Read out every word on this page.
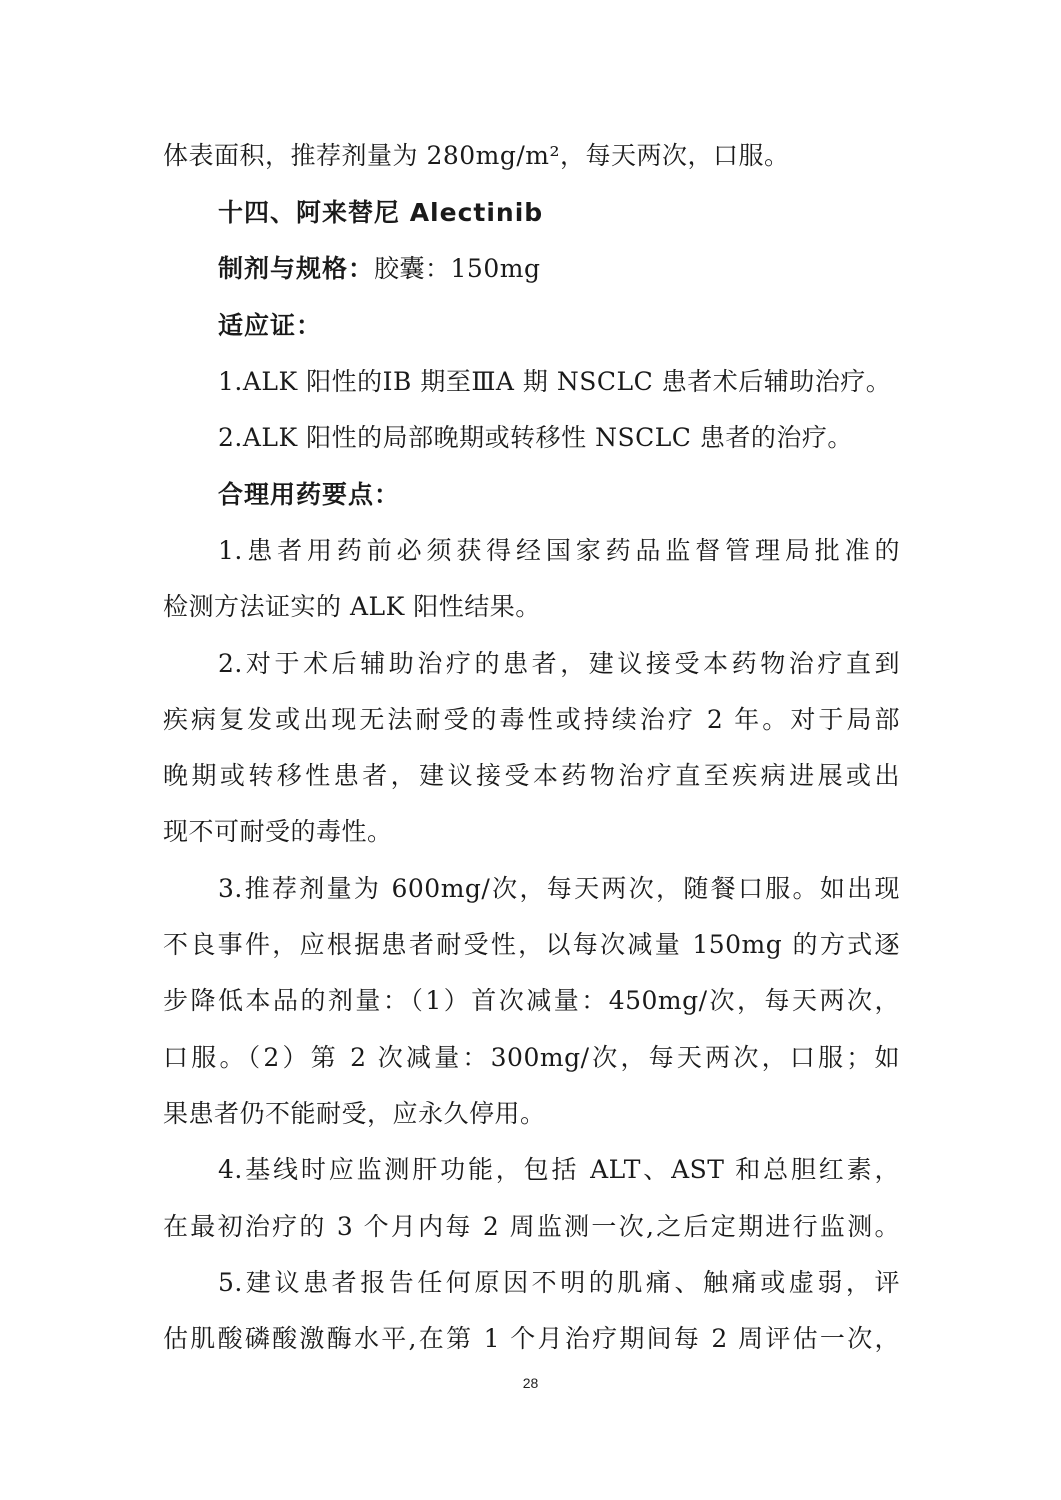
体表面积，推荐剂量为 280mg/m²，每天两次，口服。
十四、阿来替尼 Alectinib
制剂与规格：胶囊：150mg
适应证：
1.ALK 阳性的ⅠB 期至ⅢA 期 NSCLC 患者术后辅助治疗。
2.ALK 阳性的局部晚期或转移性 NSCLC 患者的治疗。
合理用药要点：
1.患者用药前必须获得经国家药品监督管理局批准的
检测方法证实的 ALK 阳性结果。
2.对于术后辅助治疗的患者，建议接受本药物治疗直到
疾病复发或出现无法耐受的毒性或持续治疗 2 年。对于局部
晚期或转移性患者，建议接受本药物治疗直至疾病进展或出
现不可耐受的毒性。
3.推荐剂量为 600mg/次，每天两次，随餐口服。如出现
不良事件，应根据患者耐受性，以每次减量 150mg 的方式逐
步降低本品的剂量：（1）首次减量：450mg/次，每天两次，
口服。（2）第 2 次减量：300mg/次，每天两次，口服；如
果患者仍不能耐受，应永久停用。
4.基线时应监测肝功能，包括 ALT、AST 和总胆红素，
在最初治疗的 3 个月内每 2 周监测一次,之后定期进行监测。
5.建议患者报告任何原因不明的肌痛、触痛或虚弱，评
估肌酸磷酸激酶水平,在第 1 个月治疗期间每 2 周评估一次，
28
